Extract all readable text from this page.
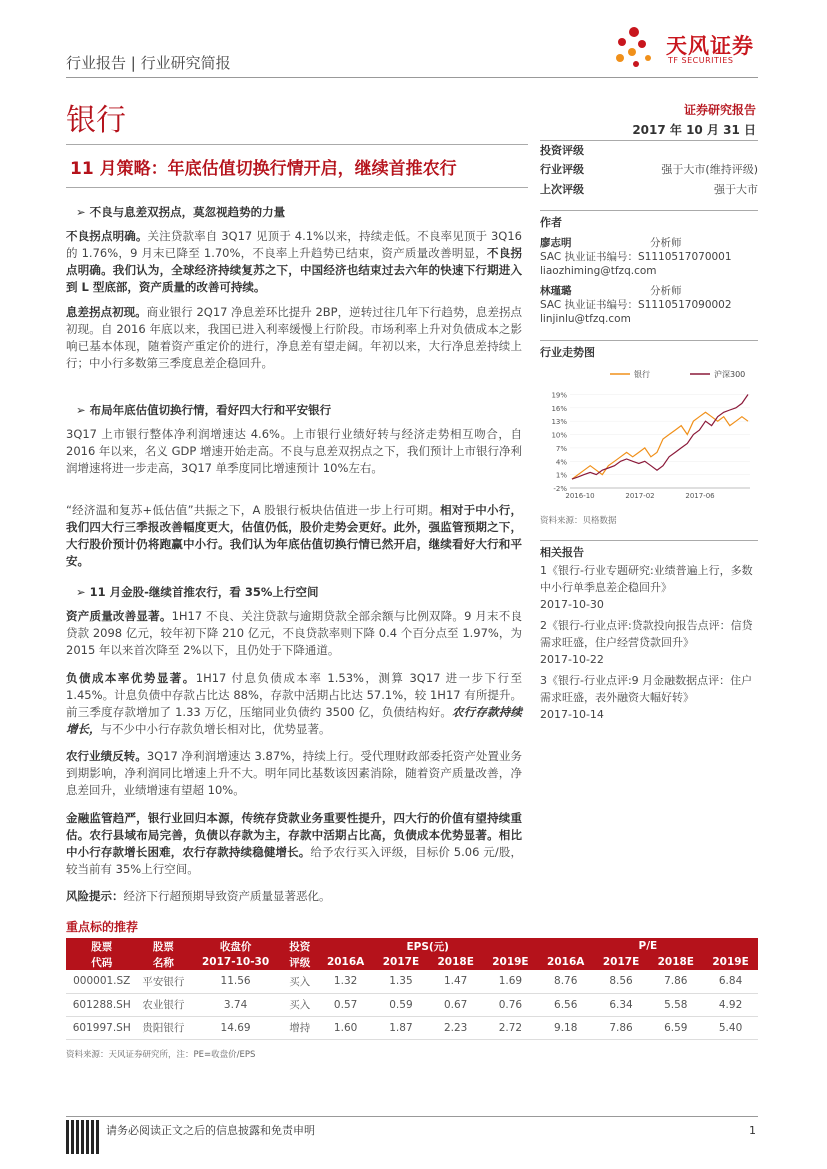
行业报告 | 行业研究简报
天风证券
TF SECURITIES
银行	证券研究报告
2017 年 10 月 31 日
11 月策略：年底估值切换行情开启，继续首推农行
➢ 不良与息差双拐点，莫忽视趋势的力量
不良拐点明确。关注贷款率自 3Q17 见顶于 4.1%以来，持续走低。不良率见顶于 3Q16 的 1.76%，9 月末已降至 1.70%，不良率上升趋势已结束，资产质量改善明显，不良拐点明确。我们认为，全球经济持续复苏之下，中国经济也结束过去六年的快速下行期进入到 L 型底部，资产质量的改善可持续。
息差拐点初现。商业银行 2Q17 净息差环比提升 2BP，逆转过往几年下行趋势，息差拐点初现。自 2016 年底以来，我国已进入利率缓慢上行阶段。市场利率上升对负债成本之影响已基本体现，随着资产重定价的进行，净息差有望走阔。年初以来，大行净息差持续上行；中小行多数第三季度息差企稳回升。
➢ 布局年底估值切换行情，看好四大行和平安银行
3Q17 上市银行整体净利润增速达 4.6%。上市银行业绩好转与经济走势相互吻合，自 2016 年以来，名义 GDP 增速开始走高。不良与息差双拐点之下，我们预计上市银行净利润增速将进一步走高，3Q17 单季度同比增速预计 10%左右。
“经济温和复苏+低估值”共振之下，A 股银行板块估值进一步上行可期。相对于中小行，我们四大行三季报改善幅度更大，估值仍低，股价走势会更好。此外，强监管预期之下，大行股价预计仍将跑赢中小行。我们认为年底估值切换行情已然开启，继续看好大行和平安。
➢ 11 月金股-继续首推农行，看 35%上行空间
资产质量改善显著。1H17 不良、关注贷款与逾期贷款全部余额与比例双降。9 月末不良贷款 2098 亿元，较年初下降 210 亿元，不良贷款率则下降 0.4 个百分点至 1.97%，为 2015 年以来首次降至 2%以下，且仍处于下降通道。
负债成本率优势显著。1H17 付息负债成本率 1.53%，测算 3Q17 进一步下行至 1.45%。计息负债中存款占比达 88%，存款中活期占比达 57.1%，较 1H17 有所提升。前三季度存款增加了 1.33 万亿，压缩同业负债约 3500 亿，负债结构好。农行存款持续增长，与不少中小行存款负增长相对比，优势显著。
农行业绩反转。3Q17 净利润增速达 3.87%，持续上行。受代理财政部委托资产处置业务到期影响，净利润同比增速上升不大。明年同比基数该因素消除，随着资产质量改善，净息差回升，业绩增速有望超 10%。
金融监管趋严，银行业回归本源，传统存贷款业务重要性提升，四大行的价值有望持续重估。农行县域布局完善，负债以存款为主，存款中活期占比高，负债成本优势显著。相比中小行存款增长困难，农行存款持续稳健增长。给予农行买入评级，目标价 5.06 元/股，较当前有 35%上行空间。
风险提示：经济下行超预期导致资产质量显著恶化。
投资评级
行业评级	强于大市(维持评级)
上次评级	强于大市
作者
廖志明	分析师
SAC 执业证书编号：S1110517070001
liaozhiming@tfzq.com
林瑾璐	分析师
SAC 执业证书编号：S1110517090002
linjinlu@tfzq.com
行业走势图
银行	沪深300
19%
16%
13%
10%
7%
4%
1%
-2%
2016-10	2017-02	2017-06
资料来源：贝格数据
相关报告
1《银行-行业专题研究:业绩普遍上行，多数中小行单季息差企稳回升》
2017-10-30
2《银行-行业点评:贷款投向报告点评：信贷需求旺盛，住户经营贷款回升》
2017-10-22
3《银行-行业点评:9 月金融数据点评：住户需求旺盛，表外融资大幅好转》
2017-10-14
重点标的推荐
股票	股票	收盘价	投资	EPS(元)				P/E			
代码	名称	2017-10-30	评级	2016A	2017E	2018E	2019E	2016A	2017E	2018E	2019E
000001.SZ	平安银行	11.56	买入	1.32	1.35	1.47	1.69	8.76	8.56	7.86	6.84
601288.SH	农业银行	3.74	买入	0.57	0.59	0.67	0.76	6.56	6.34	5.58	4.92
601997.SH	贵阳银行	14.69	增持	1.60	1.87	2.23	2.72	9.18	7.86	6.59	5.40
资料来源：天风证券研究所，注：PE=收盘价/EPS
请务必阅读正文之后的信息披露和免责申明	1
